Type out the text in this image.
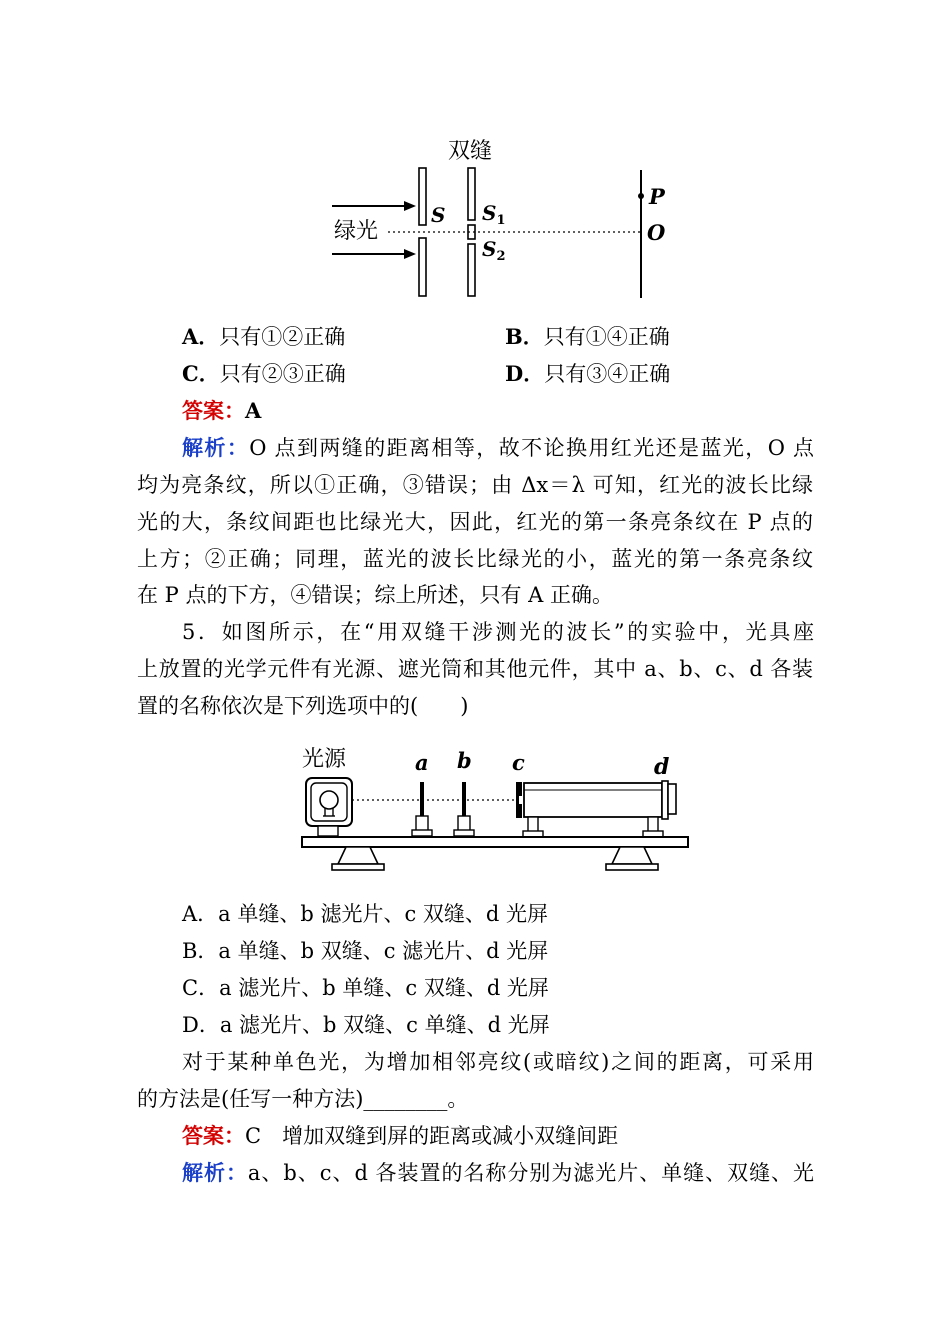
双缝
绿光
S $S_1$
$S_2$
P
O
A．只有①②正确	B．只有①④正确
C．只有②③正确	D．只有③④正确
答案：A
解析：O 点到两缝的距离相等，故不论换用红光还是蓝光，O 点
均为亮条纹，所以①正确，③错误；由 Δx＝λ 可知，红光的波长比绿
光的大，条纹间距也比绿光大，因此，红光的第一条亮条纹在 P 点的
上方；②正确；同理，蓝光的波长比绿光的小，蓝光的第一条亮条纹
在 P 点的下方，④错误；综上所述，只有 A 正确。
5．如图所示，在“用双缝干涉测光的波长”的实验中，光具座
上放置的光学元件有光源、遮光筒和其他元件，其中 a、b、c、d 各装
置的名称依次是下列选项中的(　　)
光源	a b c	d
A．a 单缝、b 滤光片、c 双缝、d 光屏
B．a 单缝、b 双缝、c 滤光片、d 光屏
C．a 滤光片、b 单缝、c 双缝、d 光屏
D．a 滤光片、b 双缝、c 单缝、d 光屏
对于某种单色光，为增加相邻亮纹(或暗纹)之间的距离，可采用
的方法是(任写一种方法)________。
答案：C　增加双缝到屏的距离或减小双缝间距
解析：a、b、c、d 各装置的名称分别为滤光片、单缝、双缝、光
